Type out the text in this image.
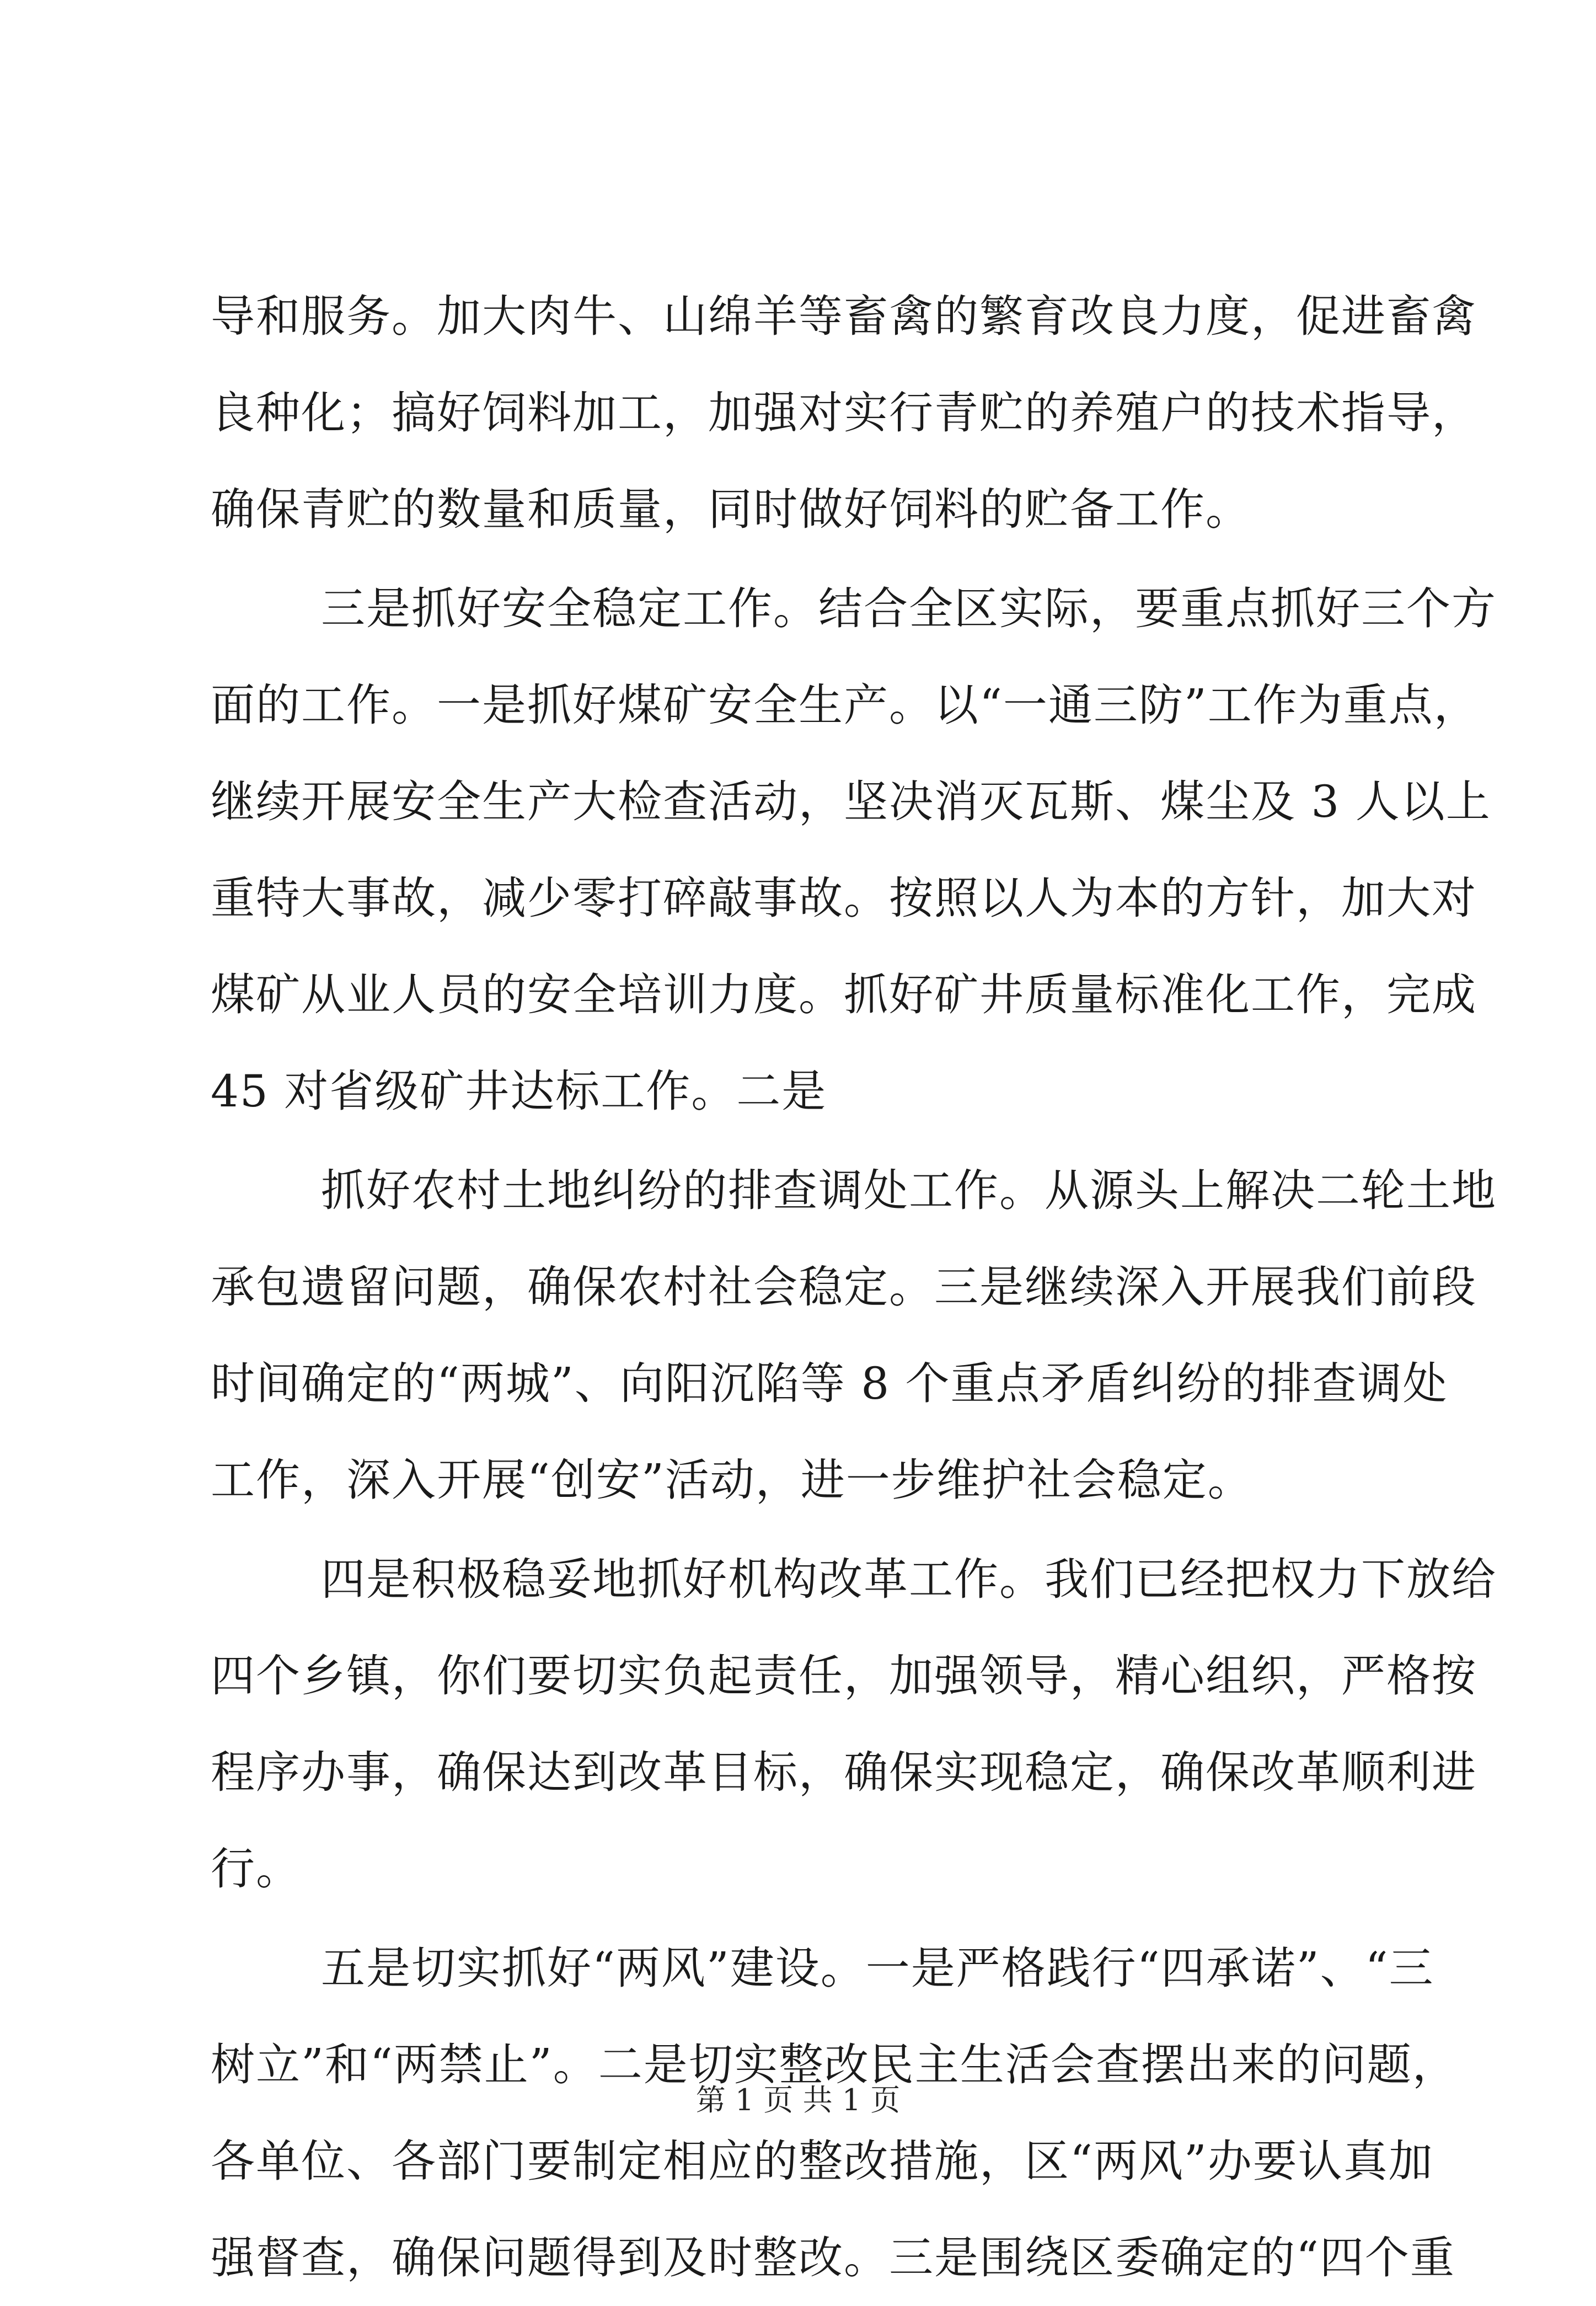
导和服务。加大肉牛、山绵羊等畜禽的繁育改良力度，促进畜禽
良种化；搞好饲料加工，加强对实行青贮的养殖户的技术指导，
确保青贮的数量和质量，同时做好饲料的贮备工作。
三是抓好安全稳定工作。结合全区实际，要重点抓好三个方
面的工作。一是抓好煤矿安全生产。以“一通三防”工作为重点，
继续开展安全生产大检查活动，坚决消灭瓦斯、煤尘及 3 人以上
重特大事故，减少零打碎敲事故。按照以人为本的方针，加大对
煤矿从业人员的安全培训力度。抓好矿井质量标准化工作，完成
45 对省级矿井达标工作。二是
抓好农村土地纠纷的排查调处工作。从源头上解决二轮土地
承包遗留问题，确保农村社会稳定。三是继续深入开展我们前段
时间确定的“两城”、向阳沉陷等 8 个重点矛盾纠纷的排查调处
工作，深入开展“创安”活动，进一步维护社会稳定。
四是积极稳妥地抓好机构改革工作。我们已经把权力下放给
四个乡镇，你们要切实负起责任，加强领导，精心组织，严格按
程序办事，确保达到改革目标，确保实现稳定，确保改革顺利进
行。
五是切实抓好“两风”建设。一是严格践行“四承诺”、“三
树立”和“两禁止”。二是切实整改民主生活会查摆出来的问题，
各单位、各部门要制定相应的整改措施，区“两风”办要认真加
强督查，确保问题得到及时整改。三是围绕区委确定的“四个重
第 1 页 共 1 页
